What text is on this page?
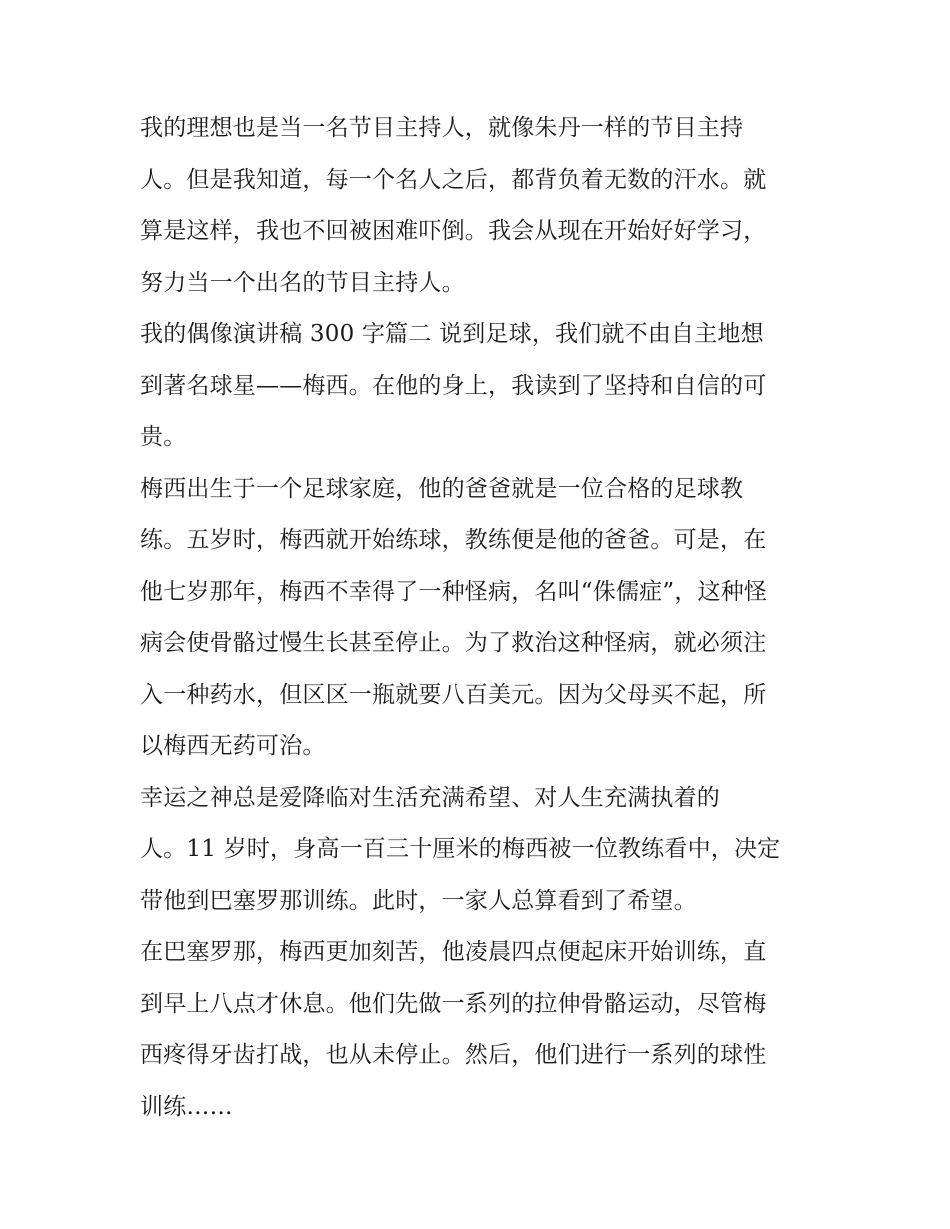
我的理想也是当一名节目主持人，就像朱丹一样的节目主持
人。但是我知道，每一个名人之后，都背负着无数的汗水。就
算是这样，我也不回被困难吓倒。我会从现在开始好好学习，
努力当一个出名的节目主持人。
我的偶像演讲稿 300 字篇二 说到足球，我们就不由自主地想
到著名球星——梅西。在他的身上，我读到了坚持和自信的可
贵。
梅西出生于一个足球家庭，他的爸爸就是一位合格的足球教
练。五岁时，梅西就开始练球，教练便是他的爸爸。可是，在
他七岁那年，梅西不幸得了一种怪病，名叫“侏儒症”，这种怪
病会使骨骼过慢生长甚至停止。为了救治这种怪病，就必须注
入一种药水，但区区一瓶就要八百美元。因为父母买不起，所
以梅西无药可治。
幸运之神总是爱降临对生活充满希望、对人生充满执着的
人。11 岁时，身高一百三十厘米的梅西被一位教练看中，决定
带他到巴塞罗那训练。此时，一家人总算看到了希望。
在巴塞罗那，梅西更加刻苦，他凌晨四点便起床开始训练，直
到早上八点才休息。他们先做一系列的拉伸骨骼运动，尽管梅
西疼得牙齿打战，也从未停止。然后，他们进行一系列的球性
训练……
